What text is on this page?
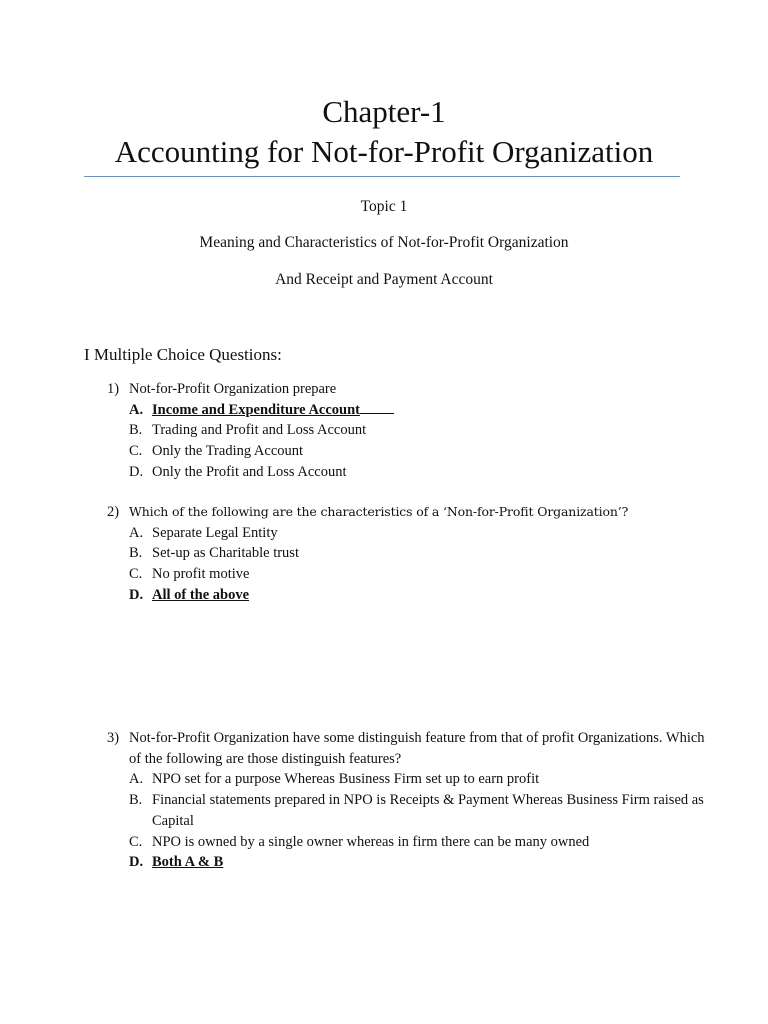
Chapter-1
Accounting for Not-for-Profit Organization
Topic 1
Meaning and Characteristics of Not-for-Profit Organization
And Receipt and Payment Account
I Multiple Choice Questions:
1) Not-for-Profit Organization prepare
A. Income and Expenditure Account
B. Trading and Profit and Loss Account
C. Only the Trading Account
D. Only the Profit and Loss Account
2) Which of the following are the characteristics of a ‘Non-for-Profit Organization’?
A. Separate Legal Entity
B. Set-up as Charitable trust
C. No profit motive
D. All of the above
3) Not-for-Profit Organization have some distinguish feature from that of profit Organizations. Which of the following are those distinguish features?
A. NPO set for a purpose Whereas Business Firm set up to earn profit
B. Financial statements prepared in NPO is Receipts & Payment Whereas Business Firm raised as Capital
C. NPO is owned by a single owner whereas in firm there can be many owned
D. Both A & B
